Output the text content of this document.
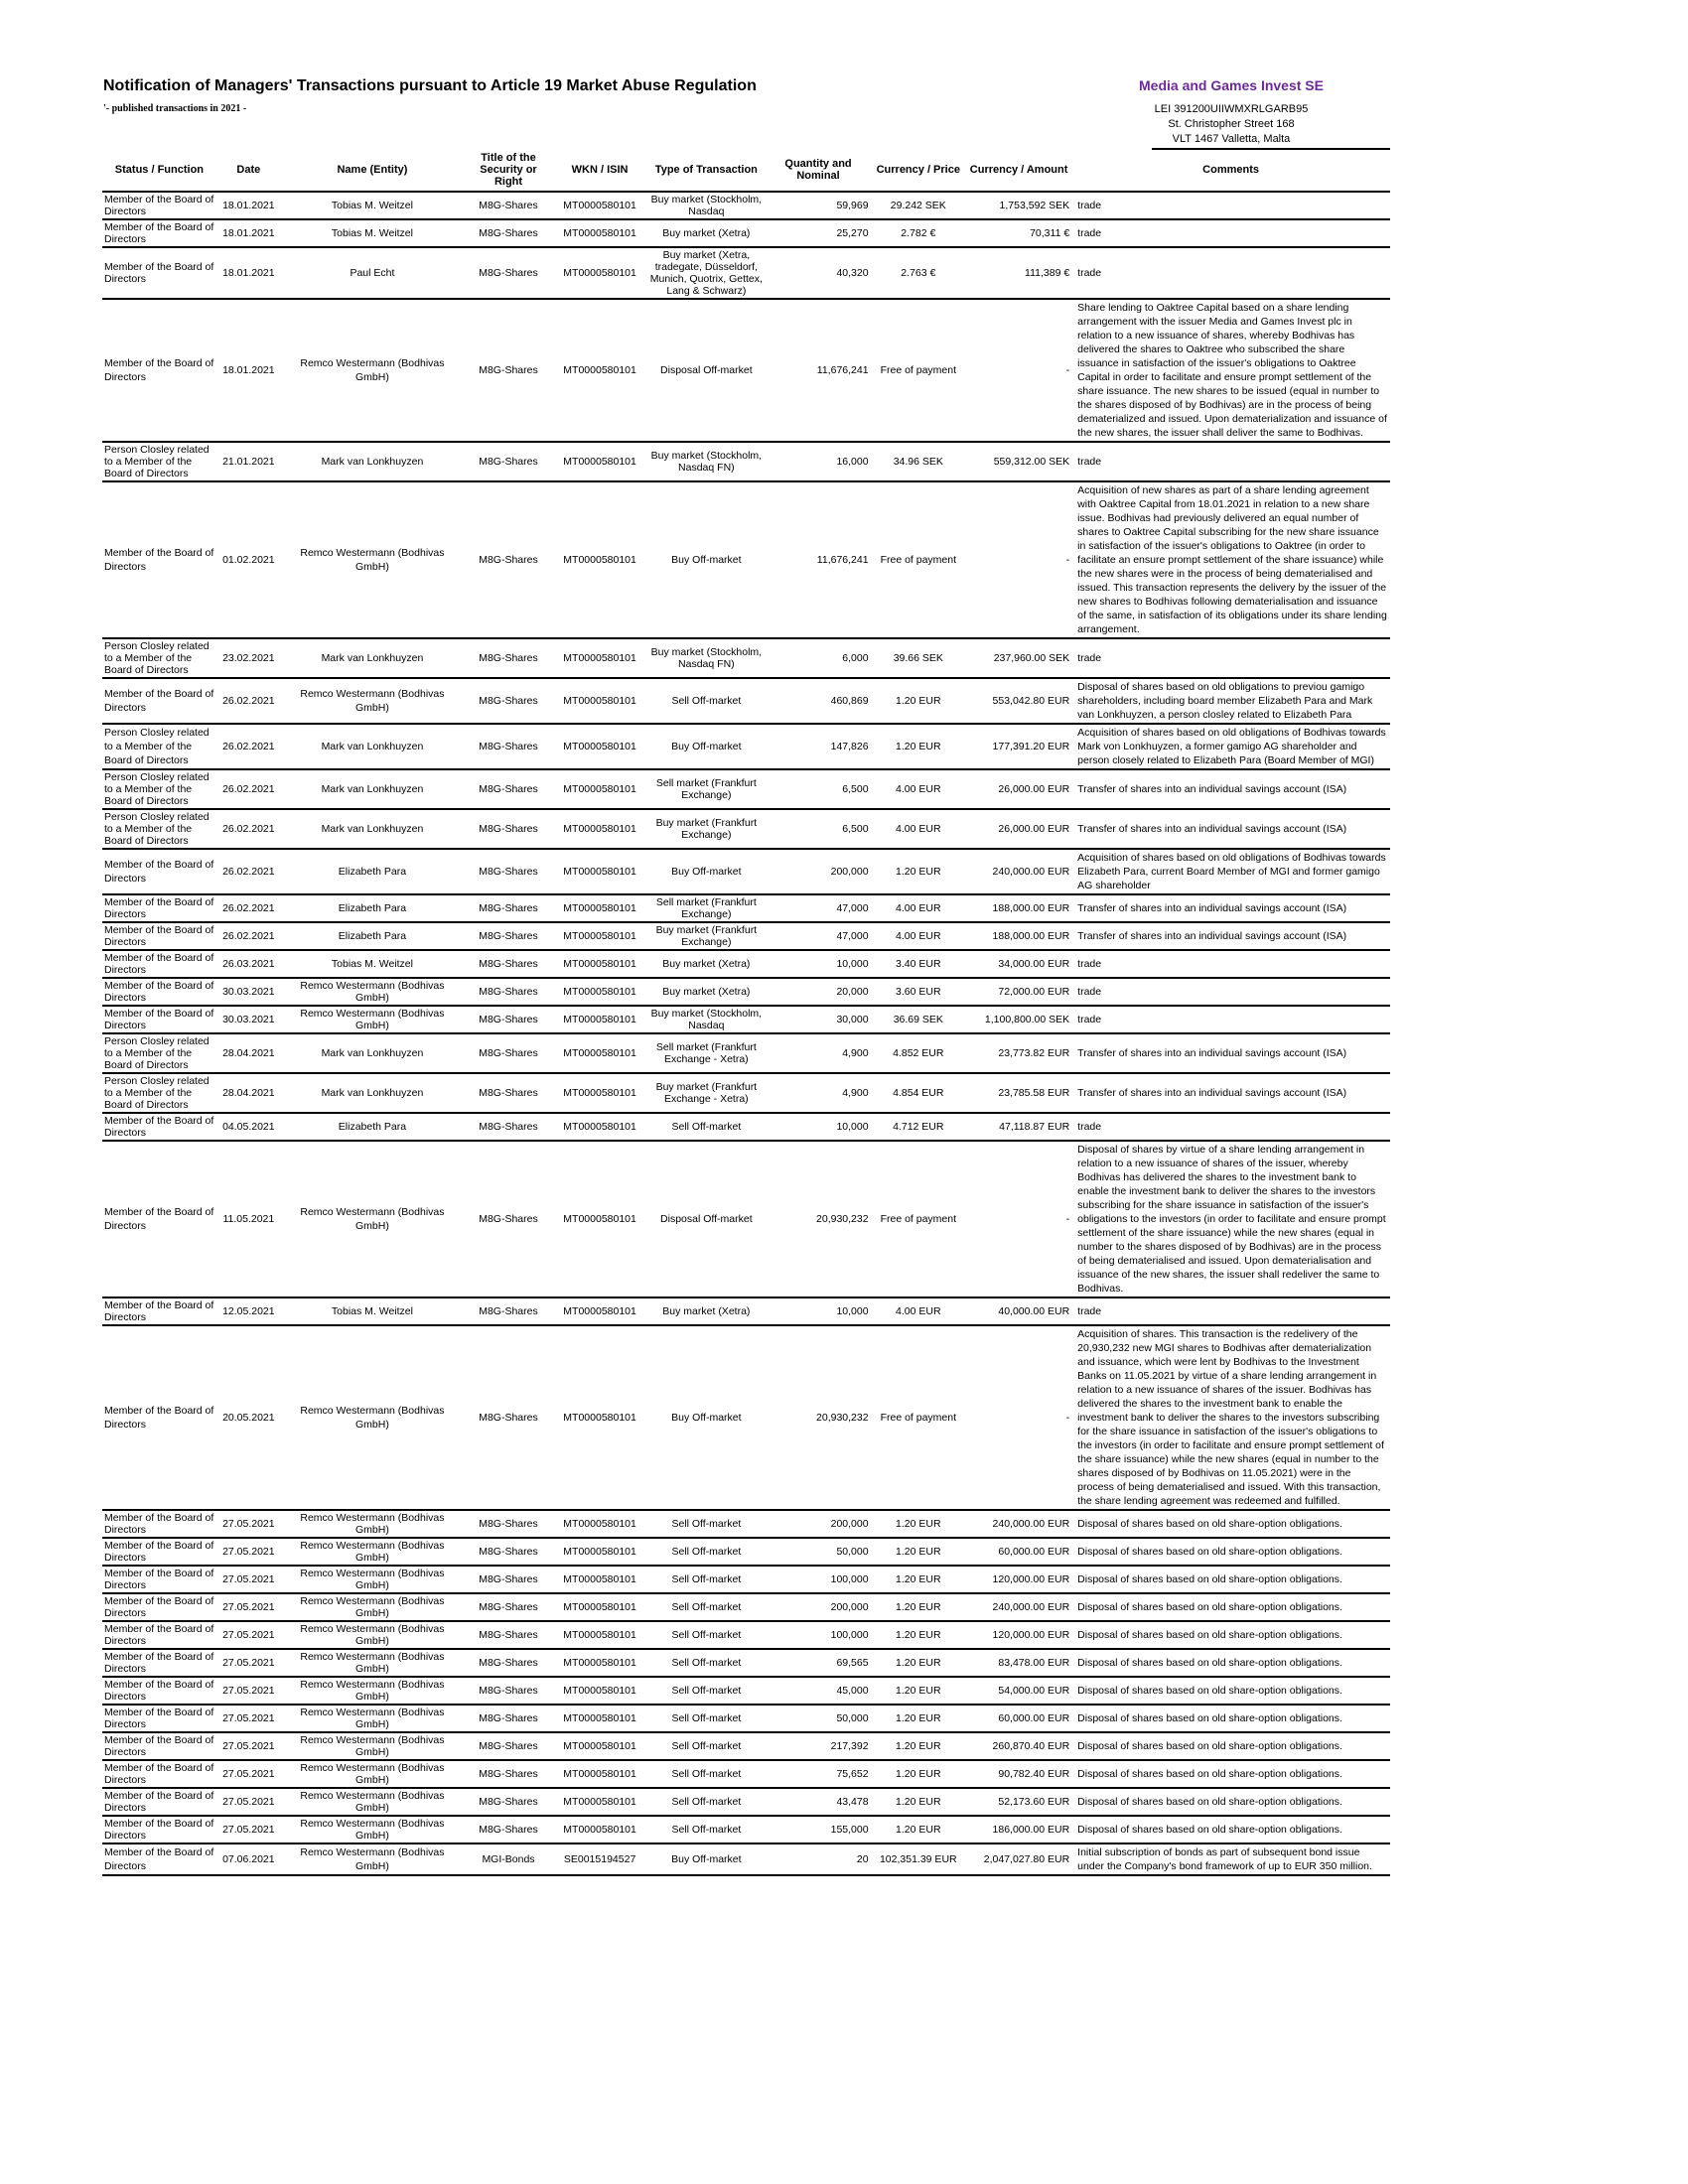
Notification of Managers' Transactions pursuant to Article 19 Market Abuse Regulation
'- published transactions in 2021 -
Media and Games Invest SE
LEI 391200UIIWMXRLGARB95
St. Christopher Street 168
VLT 1467 Valletta, Malta
Status / Function	Date	Name (Entity)	Title of the Security or Right	WKN / ISIN	Type of Transaction	Quantity and Nominal	Currency / Price	Currency / Amount	Comments
Member of the Board of Directors	18.01.2021	Tobias M. Weitzel	M8G-Shares	MT0000580101	Buy market (Stockholm, Nasdaq	59,969	29.242 SEK	1,753,592 SEK	trade
Member of the Board of Directors	18.01.2021	Tobias M. Weitzel	M8G-Shares	MT0000580101	Buy market (Xetra)	25,270	2.782 €	70,311 €	trade
Member of the Board of Directors	18.01.2021	Paul Echt	M8G-Shares	MT0000580101	Buy market (Xetra, tradegate, Düsseldorf, Munich, Quotrix, Gettex, Lang & Schwarz)	40,320	2.763 €	111,389 €	trade
Member of the Board of Directors	18.01.2021	Remco Westermann (Bodhivas GmbH)	M8G-Shares	MT0000580101	Disposal Off-market	11,676,241	Free of payment	-	Share lending to Oaktree Capital based on a share lending arrangement with the issuer Media and Games Invest plc in relation to a new issuance of shares, whereby Bodhivas has delivered the shares to Oaktree who subscribed the share issuance in satisfaction of the issuer's obligations to Oaktree Capital in order to facilitate and ensure prompt settlement of the share issuance. The new shares to be issued (equal in number to the shares disposed of by Bodhivas) are in the process of being dematerialized and issued. Upon dematerialization and issuance of the new shares, the issuer shall deliver the same to Bodhivas.
Person Closley related to a Member of the Board of Directors	21.01.2021	Mark van Lonkhuyzen	M8G-Shares	MT0000580101	Buy market (Stockholm, Nasdaq FN)	16,000	34.96 SEK	559,312.00 SEK	trade
Member of the Board of Directors	01.02.2021	Remco Westermann (Bodhivas GmbH)	M8G-Shares	MT0000580101	Buy Off-market	11,676,241	Free of payment	-	Acquisition of new shares as part of a share lending agreement with Oaktree Capital from 18.01.2021 in relation to a new share issue. Bodhivas had previously delivered an equal number of shares to Oaktree Capital subscribing for the new share issuance in satisfaction of the issuer's obligations to Oaktree (in order to facilitate an ensure prompt settlement of the share issuance) while the new shares were in the process of being dematerialised and issued. This transaction represents the delivery by the issuer of the new shares to Bodhivas following dematerialisation and issuance of the same, in satisfaction of its obligations under its share lending arrangement.
Person Closley related to a Member of the Board of Directors	23.02.2021	Mark van Lonkhuyzen	M8G-Shares	MT0000580101	Buy market (Stockholm, Nasdaq FN)	6,000	39.66 SEK	237,960.00 SEK	trade
Member of the Board of Directors	26.02.2021	Remco Westermann (Bodhivas GmbH)	M8G-Shares	MT0000580101	Sell Off-market	460,869	1.20 EUR	553,042.80 EUR	Disposal of shares based on old obligations to previou gamigo shareholders, including board member Elizabeth Para and Mark van Lonkhuyzen, a person closley related to Elizabeth Para
Person Closley related to a Member of the Board of Directors	26.02.2021	Mark van Lonkhuyzen	M8G-Shares	MT0000580101	Buy Off-market	147,826	1.20 EUR	177,391.20 EUR	Acquisition of shares based on old obligations of Bodhivas towards Mark von Lonkhuyzen, a former gamigo AG shareholder and person closely related to Elizabeth Para (Board Member of MGI)
Person Closley related to a Member of the Board of Directors	26.02.2021	Mark van Lonkhuyzen	M8G-Shares	MT0000580101	Sell market (Frankfurt Exchange)	6,500	4.00 EUR	26,000.00 EUR	Transfer of shares into an individual savings account (ISA)
Person Closley related to a Member of the Board of Directors	26.02.2021	Mark van Lonkhuyzen	M8G-Shares	MT0000580101	Buy market (Frankfurt Exchange)	6,500	4.00 EUR	26,000.00 EUR	Transfer of shares into an individual savings account (ISA)
Member of the Board of Directors	26.02.2021	Elizabeth Para	M8G-Shares	MT0000580101	Buy Off-market	200,000	1.20 EUR	240,000.00 EUR	Acquisition of shares based on old obligations of Bodhivas towards Elizabeth Para, current Board Member of MGI and former gamigo AG shareholder
Member of the Board of Directors	26.02.2021	Elizabeth Para	M8G-Shares	MT0000580101	Sell market (Frankfurt Exchange)	47,000	4.00 EUR	188,000.00 EUR	Transfer of shares into an individual savings account (ISA)
Member of the Board of Directors	26.02.2021	Elizabeth Para	M8G-Shares	MT0000580101	Buy market (Frankfurt Exchange)	47,000	4.00 EUR	188,000.00 EUR	Transfer of shares into an individual savings account (ISA)
Member of the Board of Directors	26.03.2021	Tobias M. Weitzel	M8G-Shares	MT0000580101	Buy market (Xetra)	10,000	3.40 EUR	34,000.00 EUR	trade
Member of the Board of Directors	30.03.2021	Remco Westermann (Bodhivas GmbH)	M8G-Shares	MT0000580101	Buy market (Xetra)	20,000	3.60 EUR	72,000.00 EUR	trade
Member of the Board of Directors	30.03.2021	Remco Westermann (Bodhivas GmbH)	M8G-Shares	MT0000580101	Buy market (Stockholm, Nasdaq	30,000	36.69 SEK	1,100,800.00 SEK	trade
Person Closley related to a Member of the Board of Directors	28.04.2021	Mark van Lonkhuyzen	M8G-Shares	MT0000580101	Sell market (Frankfurt Exchange - Xetra)	4,900	4.852 EUR	23,773.82 EUR	Transfer of shares into an individual savings account (ISA)
Person Closley related to a Member of the Board of Directors	28.04.2021	Mark van Lonkhuyzen	M8G-Shares	MT0000580101	Buy market (Frankfurt Exchange - Xetra)	4,900	4.854 EUR	23,785.58 EUR	Transfer of shares into an individual savings account (ISA)
Member of the Board of Directors	04.05.2021	Elizabeth Para	M8G-Shares	MT0000580101	Sell Off-market	10,000	4.712 EUR	47,118.87 EUR	trade
Member of the Board of Directors	11.05.2021	Remco Westermann (Bodhivas GmbH)	M8G-Shares	MT0000580101	Disposal Off-market	20,930,232	Free of payment	-	Disposal of shares by virtue of a share lending arrangement in relation to a new issuance of shares of the issuer, whereby Bodhivas has delivered the shares to the investment bank to enable the investment bank to deliver the shares to the investors subscribing for the share issuance in satisfaction of the issuer's obligations to the investors (in order to facilitate and ensure prompt settlement of the share issuance) while the new shares (equal in number to the shares disposed of by Bodhivas) are in the process of being dematerialised and issued. Upon dematerialisation and issuance of the new shares, the issuer shall redeliver the same to Bodhivas.
Member of the Board of Directors	12.05.2021	Tobias M. Weitzel	M8G-Shares	MT0000580101	Buy market (Xetra)	10,000	4.00 EUR	40,000.00 EUR	trade
Member of the Board of Directors	20.05.2021	Remco Westermann (Bodhivas GmbH)	M8G-Shares	MT0000580101	Buy Off-market	20,930,232	Free of payment	-	Acquisition of shares. This transaction is the redelivery of the 20,930,232 new MGI shares to Bodhivas after dematerialization and issuance, which were lent by Bodhivas to the Investment Banks on 11.05.2021 by virtue of a share lending arrangement in relation to a new issuance of shares of the issuer. Bodhivas has delivered the shares to the investment bank to enable the investment bank to deliver the shares to the investors subscribing for the share issuance in satisfaction of the issuer's obligations to the investors (in order to facilitate and ensure prompt settlement of the share issuance) while the new shares (equal in number to the shares disposed of by Bodhivas on 11.05.2021) were in the process of being dematerialised and issued. With this transaction, the share lending agreement was redeemed and fulfilled.
Member of the Board of Directors	27.05.2021	Remco Westermann (Bodhivas GmbH)	M8G-Shares	MT0000580101	Sell Off-market	200,000	1.20 EUR	240,000.00 EUR	Disposal of shares based on old share-option obligations.
Member of the Board of Directors	27.05.2021	Remco Westermann (Bodhivas GmbH)	M8G-Shares	MT0000580101	Sell Off-market	50,000	1.20 EUR	60,000.00 EUR	Disposal of shares based on old share-option obligations.
Member of the Board of Directors	27.05.2021	Remco Westermann (Bodhivas GmbH)	M8G-Shares	MT0000580101	Sell Off-market	100,000	1.20 EUR	120,000.00 EUR	Disposal of shares based on old share-option obligations.
Member of the Board of Directors	27.05.2021	Remco Westermann (Bodhivas GmbH)	M8G-Shares	MT0000580101	Sell Off-market	200,000	1.20 EUR	240,000.00 EUR	Disposal of shares based on old share-option obligations.
Member of the Board of Directors	27.05.2021	Remco Westermann (Bodhivas GmbH)	M8G-Shares	MT0000580101	Sell Off-market	100,000	1.20 EUR	120,000.00 EUR	Disposal of shares based on old share-option obligations.
Member of the Board of Directors	27.05.2021	Remco Westermann (Bodhivas GmbH)	M8G-Shares	MT0000580101	Sell Off-market	69,565	1.20 EUR	83,478.00 EUR	Disposal of shares based on old share-option obligations.
Member of the Board of Directors	27.05.2021	Remco Westermann (Bodhivas GmbH)	M8G-Shares	MT0000580101	Sell Off-market	45,000	1.20 EUR	54,000.00 EUR	Disposal of shares based on old share-option obligations.
Member of the Board of Directors	27.05.2021	Remco Westermann (Bodhivas GmbH)	M8G-Shares	MT0000580101	Sell Off-market	50,000	1.20 EUR	60,000.00 EUR	Disposal of shares based on old share-option obligations.
Member of the Board of Directors	27.05.2021	Remco Westermann (Bodhivas GmbH)	M8G-Shares	MT0000580101	Sell Off-market	217,392	1.20 EUR	260,870.40 EUR	Disposal of shares based on old share-option obligations.
Member of the Board of Directors	27.05.2021	Remco Westermann (Bodhivas GmbH)	M8G-Shares	MT0000580101	Sell Off-market	75,652	1.20 EUR	90,782.40 EUR	Disposal of shares based on old share-option obligations.
Member of the Board of Directors	27.05.2021	Remco Westermann (Bodhivas GmbH)	M8G-Shares	MT0000580101	Sell Off-market	43,478	1.20 EUR	52,173.60 EUR	Disposal of shares based on old share-option obligations.
Member of the Board of Directors	27.05.2021	Remco Westermann (Bodhivas GmbH)	M8G-Shares	MT0000580101	Sell Off-market	155,000	1.20 EUR	186,000.00 EUR	Disposal of shares based on old share-option obligations.
Member of the Board of Directors	07.06.2021	Remco Westermann (Bodhivas GmbH)	MGI-Bonds	SE0015194527	Buy Off-market	20	102,351.39 EUR	2,047,027.80 EUR	Initial subscription of bonds as part of subsequent bond issue under the Company's bond framework of up to EUR 350 million.
